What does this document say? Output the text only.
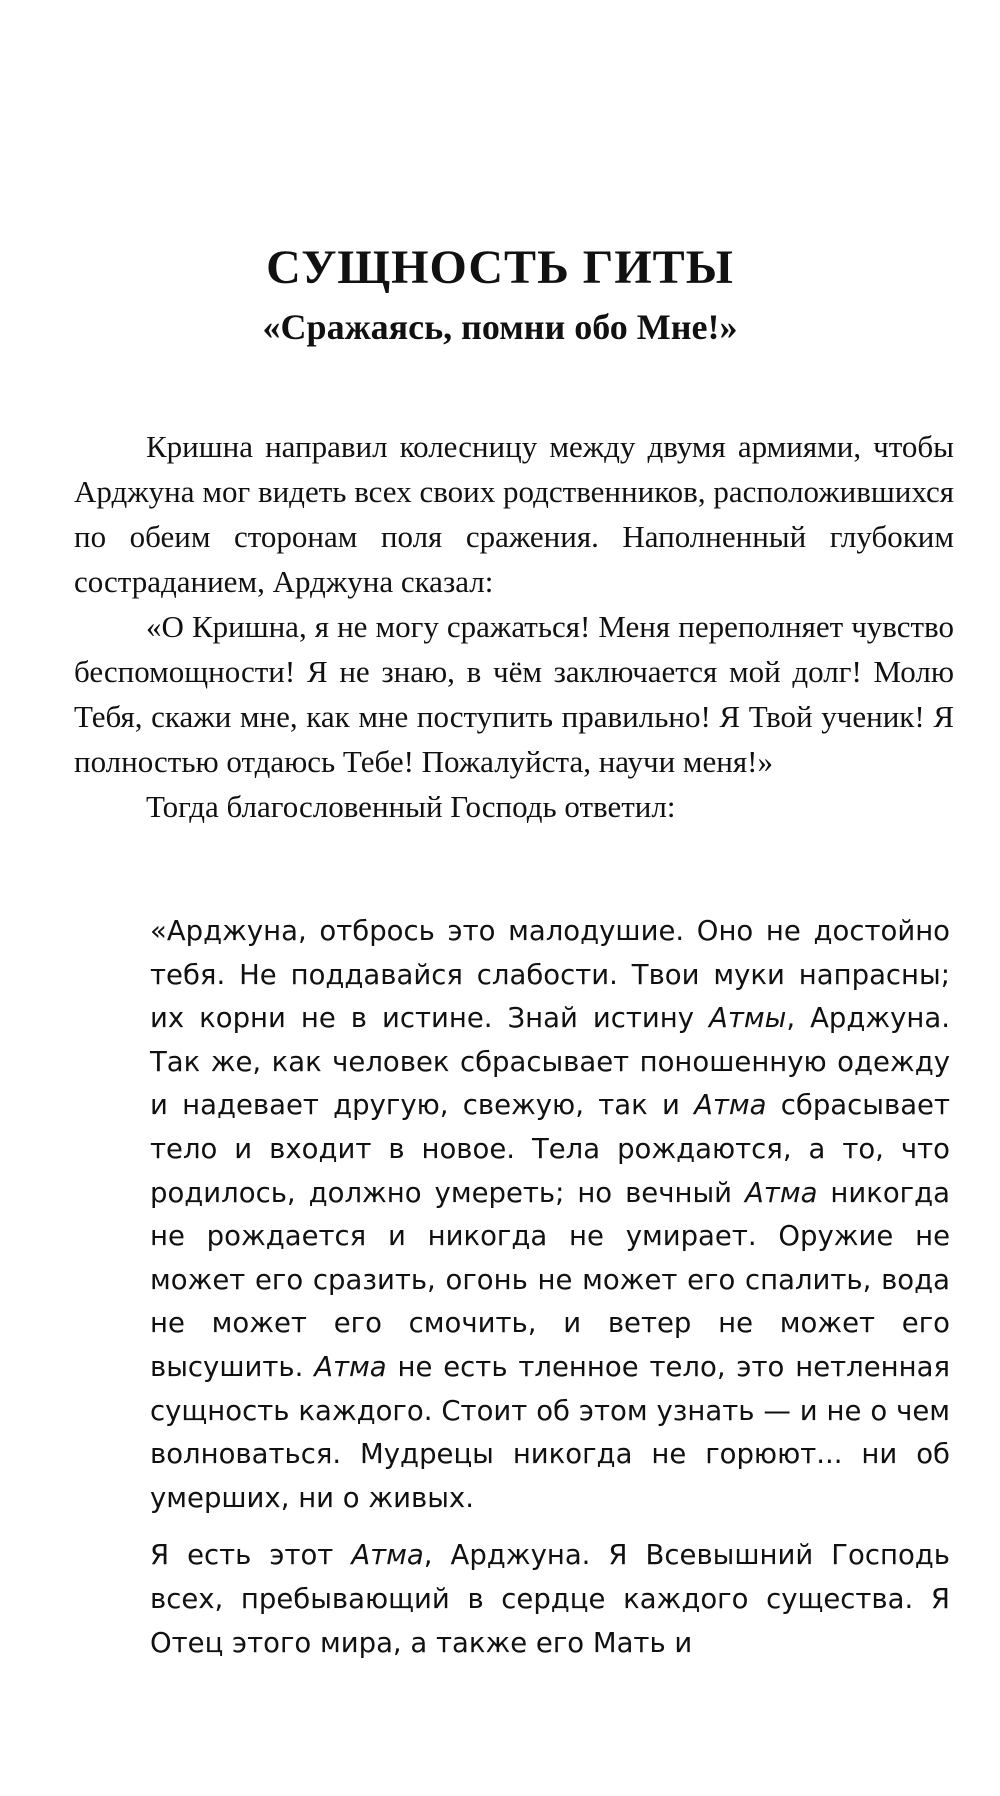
СУЩНОСТЬ ГИТЫ
«Сражаясь, помни обо Мне!»

Кришна направил колесницу между двумя армиями, чтобы Арджуна мог видеть всех своих родственников, расположившихся по обеим сторонам поля сражения. Наполненный глубоким состраданием, Арджуна сказал:

«О Кришна, я не могу сражаться! Меня переполняет чувство беспомощности! Я не знаю, в чём заключается мой долг! Молю Тебя, скажи мне, как мне поступить правильно! Я Твой ученик! Я полностью отдаюсь Тебе! Пожалуйста, научи меня!»

Тогда благословенный Господь ответил:

«Арджуна, отбрось это малодушие. Оно не достойно тебя. Не поддавайся слабости. Твои муки напрасны; их корни не в истине. Знай истину Атмы, Арджуна. Так же, как человек сбрасывает поношенную одежду и надевает другую, свежую, так и Атма сбрасывает тело и входит в новое. Тела рождаются, а то, что родилось, должно умереть; но вечный Атма никогда не рождается и никогда не умирает. Оружие не может его сразить, огонь не может его спалить, вода не может его смочить, и ветер не может его высушить. Атма не есть тленное тело, это нетленная сущность каждого. Стоит об этом узнать — и не о чем волноваться. Мудрецы никогда не горюют... ни об умерших, ни о живых.

Я есть этот Атма, Арджуна. Я Всевышний Господь всех, пребывающий в сердце каждого существа. Я Отец этого мира, а также его Мать и
